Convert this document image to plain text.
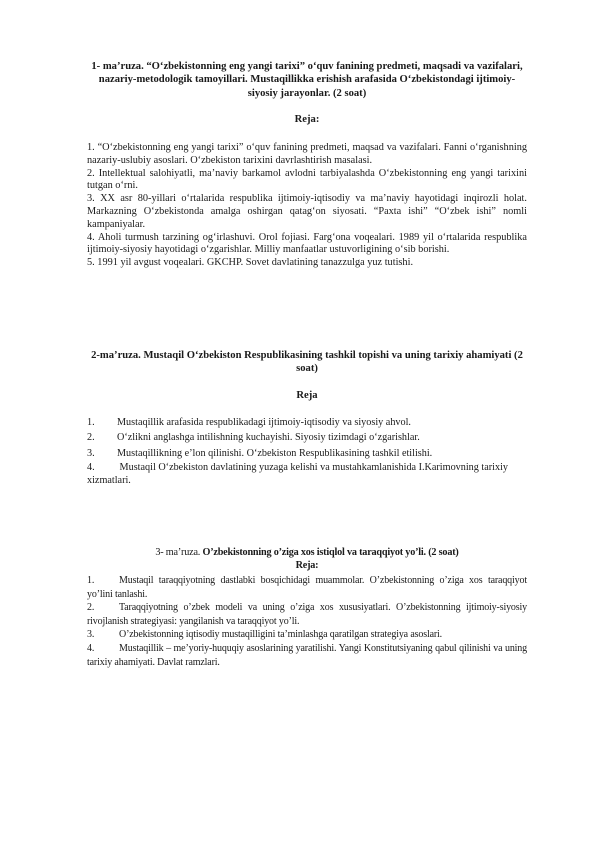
1- ma’ruza. “O‘zbekistonning eng yangi tarixi” o‘quv fanining predmeti, maqsadi va vazifalari, nazariy-metodologik tamoyillari. Mustaqillikka erishish arafasida O‘zbekistondagi ijtimoiy-siyosiy jarayonlar. (2 soat)
Reja:
1. “O‘zbekistonning eng yangi tarixi” o‘quv fanining predmeti, maqsad va vazifalari. Fanni o‘rganishning nazariy-uslubiy asoslari. O‘zbekiston tarixini davrlashtirish masalasi.
2. Intellektual salohiyatli, ma’naviy barkamol avlodni tarbiyalashda O‘zbekistonning eng yangi tarixini tutgan o‘rni.
3. XX asr 80-yillari o‘rtalarida respublika ijtimoiy-iqtisodiy va ma’naviy hayotidagi inqirozli holat. Markazning O‘zbekistonda amalga oshirgan qatag‘on siyosati. “Paxta ishi” “O‘zbek ishi” nomli kampaniyalar.
4. Aholi turmush tarzining og‘irlashuvi. Orol fojiasi. Farg‘ona voqealari. 1989 yil o‘rtalarida respublika ijtimoiy-siyosiy hayotidagi o‘zgarishlar. Milliy manfaatlar ustuvorligining o‘sib borishi.
5. 1991 yil avgust voqealari. GKCHP. Sovet davlatining tanazzulga yuz tutishi.
2-ma’ruza. Mustaqil O‘zbekiston Respublikasining tashkil topishi va uning tarixiy ahamiyati (2 soat)
Reja
1.	Mustaqillik arafasida respublikadagi ijtimoiy-iqtisodiy va siyosiy ahvol.
2.	O‘zlikni anglashga intilishning kuchayishi. Siyosiy tizimdagi o‘zgarishlar.
3.	Mustaqillikning e’lon qilinishi. O‘zbekiston Respublikasining tashkil etilishi.
4. Mustaqil O‘zbekiston davlatining yuzaga kelishi va mustahkamlanishida I.Karimovning tarixiy xizmatlari.
3- ma’ruza. O’zbekistonning o’ziga xos istiqlol va taraqqiyot yo’li. (2 soat)
Reja:
1. Mustaqil taraqqiyotning dastlabki bosqichidagi muammolar. O’zbekistonning o’ziga xos taraqqiyot yo’lini tanlashi.
2. Taraqqiyotning o’zbek modeli va uning o’ziga xos xususiyatlari. O’zbekistonning ijtimoiy-siyosiy rivojlanish strategiyasi: yangilanish va taraqqiyot yo’li.
3. O’zbekistonning iqtisodiy mustaqilligini ta’minlashga qaratilgan strategiya asoslari.
4. Mustaqillik – me’yoriy-huquqiy asoslarining yaratilishi. Yangi Konstitutsiyaning qabul qilinishi va uning tarixiy ahamiyati. Davlat ramzlari.
